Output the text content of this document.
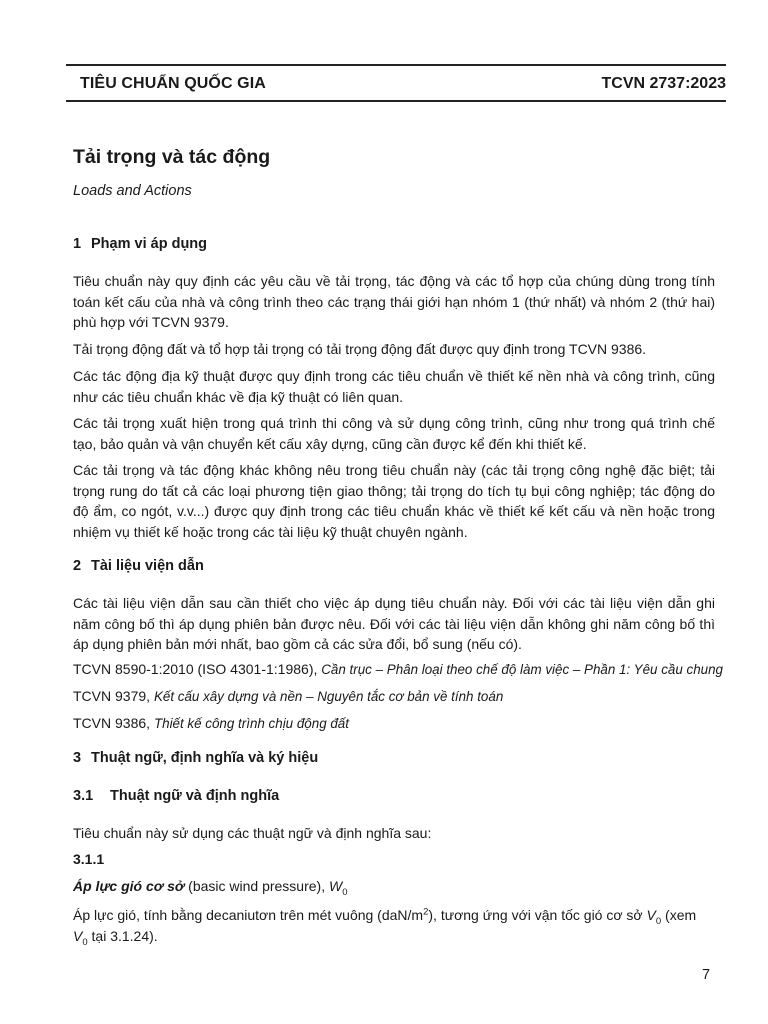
TIÊU CHUẨN QUỐC GIA	TCVN 2737:2023
Tải trọng và tác động
Loads and Actions
1 Phạm vi áp dụng
Tiêu chuẩn này quy định các yêu cầu về tải trọng, tác động và các tổ hợp của chúng dùng trong tính toán kết cấu của nhà và công trình theo các trạng thái giới hạn nhóm 1 (thứ nhất) và nhóm 2 (thứ hai) phù hợp với TCVN 9379.
Tải trọng động đất và tổ hợp tải trọng có tải trọng động đất được quy định trong TCVN 9386.
Các tác động địa kỹ thuật được quy định trong các tiêu chuẩn về thiết kế nền nhà và công trình, cũng như các tiêu chuẩn khác về địa kỹ thuật có liên quan.
Các tải trọng xuất hiện trong quá trình thi công và sử dụng công trình, cũng như trong quá trình chế tạo, bảo quản và vận chuyển kết cấu xây dựng, cũng cần được kể đến khi thiết kế.
Các tải trọng và tác động khác không nêu trong tiêu chuẩn này (các tải trọng công nghệ đặc biệt; tải trọng rung do tất cả các loại phương tiện giao thông; tải trọng do tích tụ bụi công nghiệp; tác động do độ ẩm, co ngót, v.v...) được quy định trong các tiêu chuẩn khác về thiết kế kết cấu và nền hoặc trong nhiệm vụ thiết kế hoặc trong các tài liệu kỹ thuật chuyên ngành.
2 Tài liệu viện dẫn
Các tài liệu viện dẫn sau cần thiết cho việc áp dụng tiêu chuẩn này. Đối với các tài liệu viện dẫn ghi năm công bố thì áp dụng phiên bản được nêu. Đối với các tài liệu viện dẫn không ghi năm công bố thì áp dụng phiên bản mới nhất, bao gồm cả các sửa đổi, bổ sung (nếu có).
TCVN 8590-1:2010 (ISO 4301-1:1986), Cần trục – Phân loại theo chế độ làm việc – Phần 1: Yêu cầu chung
TCVN 9379, Kết cấu xây dựng và nền – Nguyên tắc cơ bản về tính toán
TCVN 9386, Thiết kế công trình chịu động đất
3 Thuật ngữ, định nghĩa và ký hiệu
3.1 Thuật ngữ và định nghĩa
Tiêu chuẩn này sử dụng các thuật ngữ và định nghĩa sau:
3.1.1
Áp lực gió cơ sở (basic wind pressure), $W_0$
Áp lực gió, tính bằng decaniutơn trên mét vuông $(daN/m^2)$, tương ứng với vận tốc gió cơ sở $V_0$ (xem
$V_0$ tại 3.1.24).
7
